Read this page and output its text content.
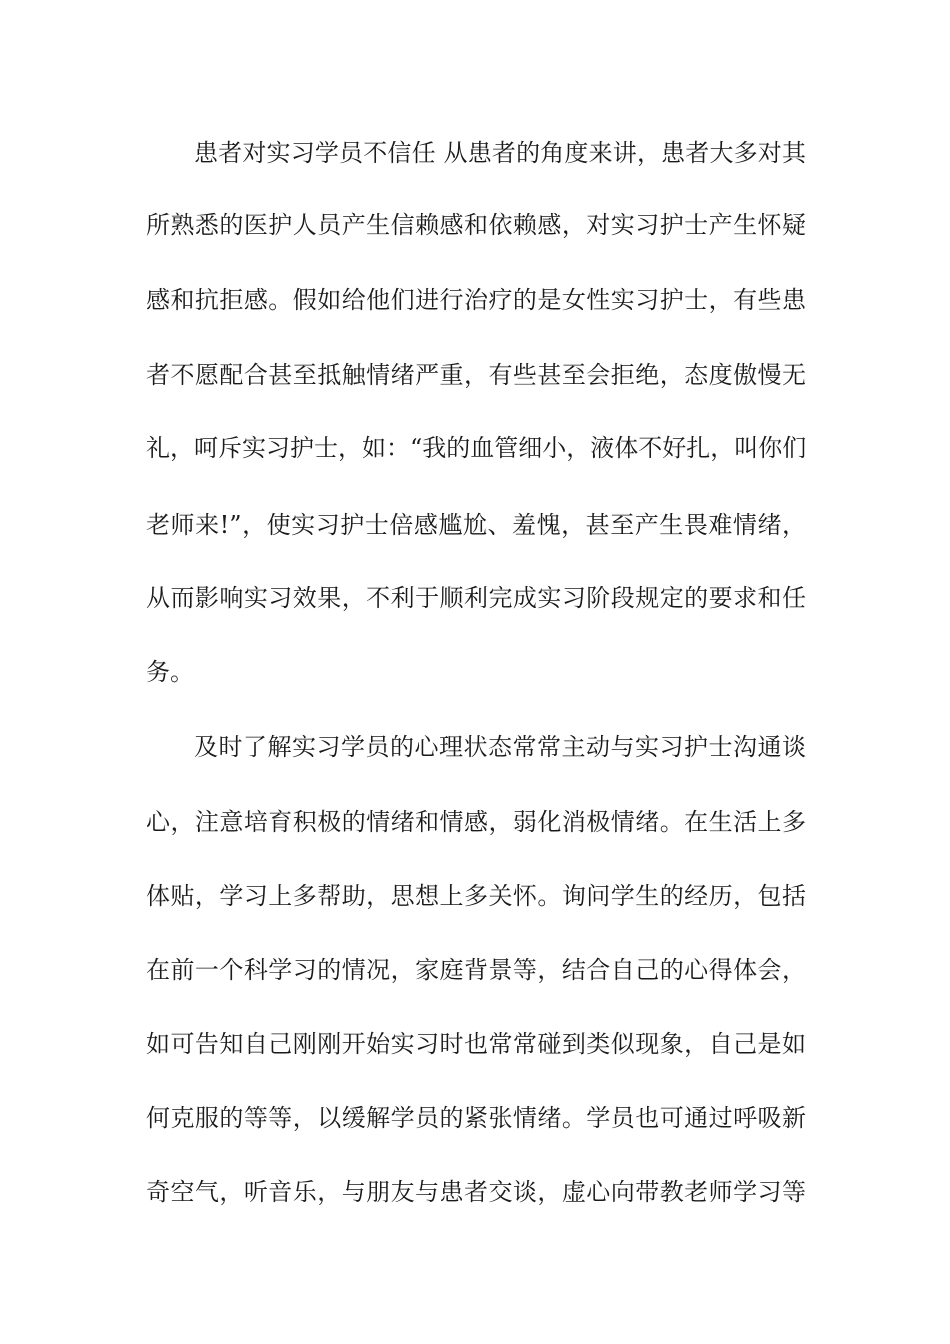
患者对实习学员不信任 从患者的角度来讲，患者大多对其
所熟悉的医护人员产生信赖感和依赖感，对实习护士产生怀疑
感和抗拒感。假如给他们进行治疗的是女性实习护士，有些患
者不愿配合甚至抵触情绪严重，有些甚至会拒绝，态度傲慢无
礼，呵斥实习护士，如：“我的血管细小，液体不好扎，叫你们
老师来!”，使实习护士倍感尴尬、羞愧，甚至产生畏难情绪，
从而影响实习效果，不利于顺利完成实习阶段规定的要求和任
务。
及时了解实习学员的心理状态常常主动与实习护士沟通谈
心，注意培育积极的情绪和情感，弱化消极情绪。在生活上多
体贴，学习上多帮助，思想上多关怀。询问学生的经历，包括
在前一个科学习的情况，家庭背景等，结合自己的心得体会，
如可告知自己刚刚开始实习时也常常碰到类似现象，自己是如
何克服的等等，以缓解学员的紧张情绪。学员也可通过呼吸新
奇空气，听音乐，与朋友与患者交谈，虚心向带教老师学习等
